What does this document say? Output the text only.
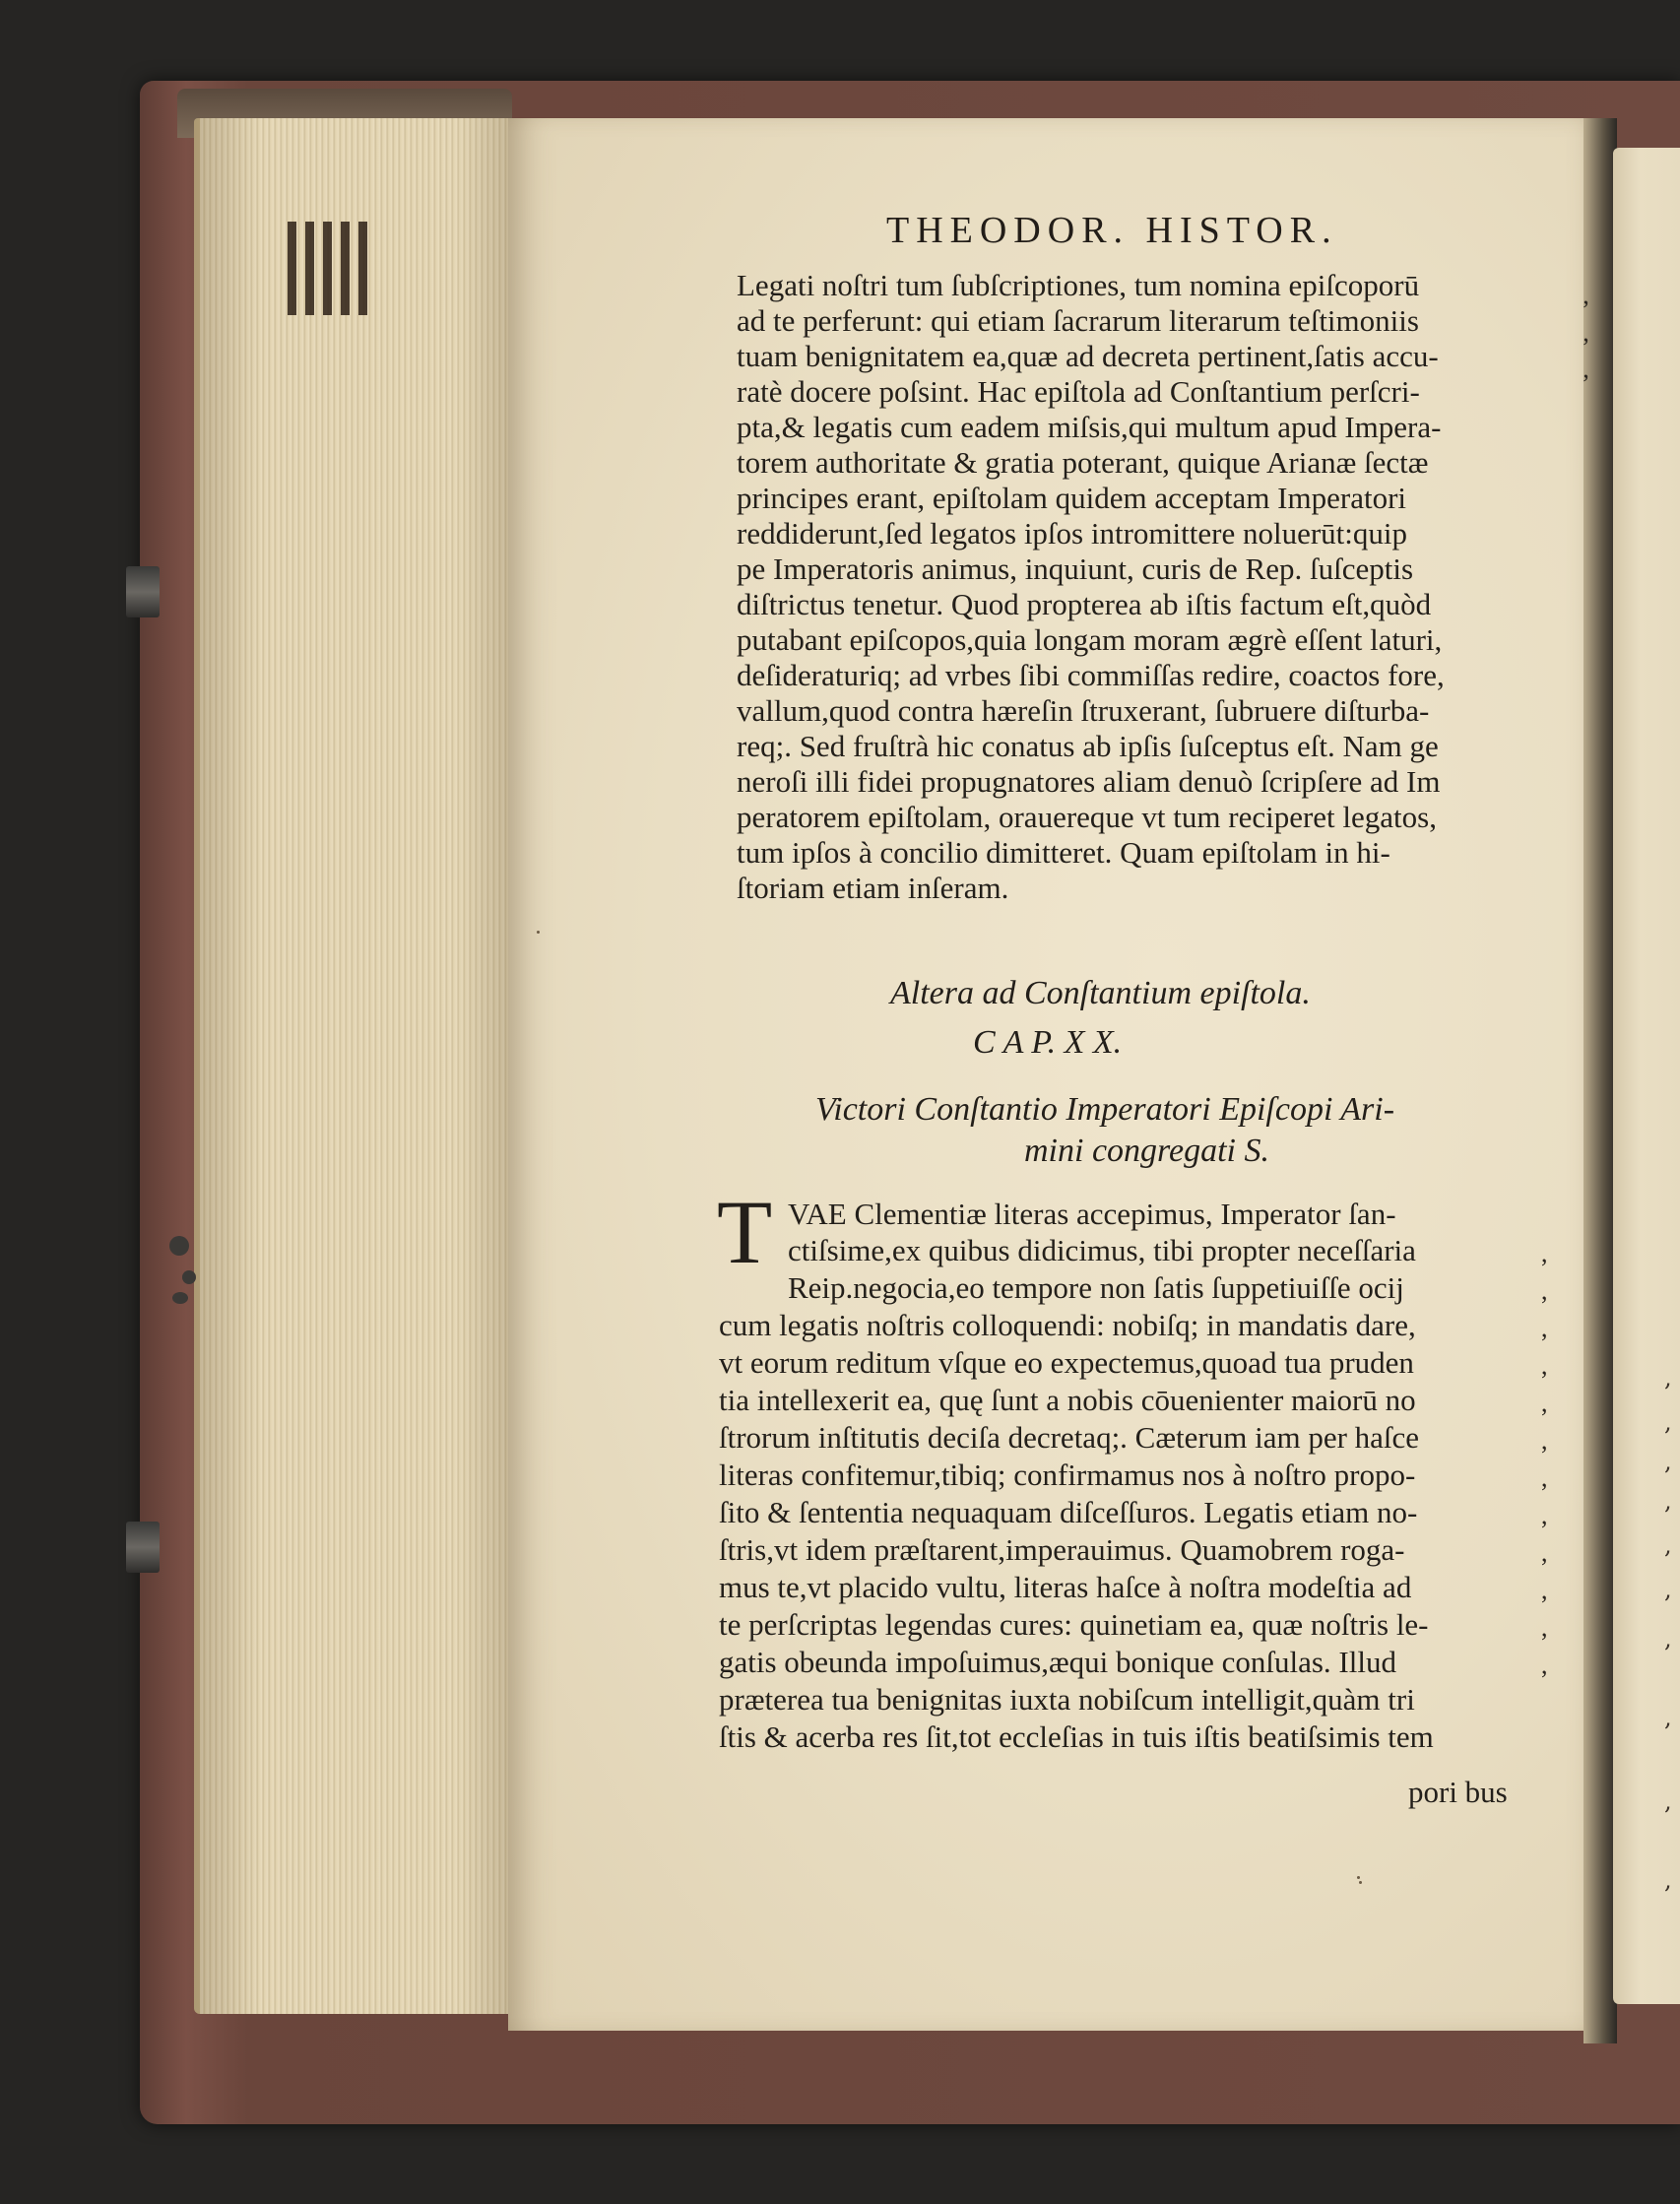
,
,
,
,
,
,
,
,
,
,
THEODOR. HISTOR.
Legati noſtri tum ſubſcriptiones, tum nomina epiſcoporū
ad te perferunt: qui etiam ſacrarum literarum teſtimoniis
tuam benignitatem ea,quæ ad decreta pertinent,ſatis accu-
ratè docere poſsint. Hac epiſtola ad Conſtantium perſcri-
pta,& legatis cum eadem miſsis,qui multum apud Impera-
torem authoritate & gratia poterant, quique Arianæ ſectæ
principes erant, epiſtolam quidem acceptam Imperatori
reddiderunt,ſed legatos ipſos intromittere noluerūt:quip
pe Imperatoris animus, inquiunt, curis de Rep. ſuſceptis
diſtrictus tenetur. Quod propterea ab iſtis factum eſt,quòd
putabant epiſcopos,quia longam moram ægrè eſſent laturi,
deſideraturiq; ad vrbes ſibi commiſſas redire, coactos fore,
vallum,quod contra hæreſin ſtruxerant, ſubruere diſturba-
req;. Sed fruſtrà hic conatus ab ipſis ſuſceptus eſt. Nam ge
neroſi illi fidei propugnatores aliam denuò ſcripſere ad Im
peratorem epiſtolam, orauereque vt tum reciperet legatos,
tum ipſos à concilio dimitteret. Quam epiſtolam in hi-
ſtoriam etiam inſeram.
’
’
’
Altera ad Conſtantium epiſtola.
C A P. X X.
Victori Conſtantio Imperatori Epiſcopi Ari-
mini congregati S.
T VAE Clementiæ literas accepimus, Imperator ſan-
ctiſsime,ex quibus didicimus, tibi propter neceſſaria
Reip.negocia,eo tempore non ſatis ſuppetiuiſſe ocij
cum legatis noſtris colloquendi: nobiſq; in mandatis dare,
vt eorum reditum vſque eo expectemus,quoad tua pruden
tia intellexerit ea, quę ſunt a nobis cōuenienter maiorū no
ſtrorum inſtitutis deciſa decretaq;. Cæterum iam per haſce
literas confitemur,tibiq; confirmamus nos à noſtro propo-
ſito & ſententia nequaquam diſceſſuros. Legatis etiam no-
ſtris,vt idem præſtarent,imperauimus. Quamobrem roga-
mus te,vt placido vultu, literas haſce à noſtra modeſtia ad
te perſcriptas legendas cures: quinetiam ea, quæ noſtris le-
gatis obeunda impoſuimus,æqui bonique conſulas. Illud
præterea tua benignitas iuxta nobiſcum intelligit,quàm tri
ſtis & acerba res ſit,tot eccleſias in tuis iſtis beatiſsimis tem
,
,
,
,
,
,
,
,
,
,
,
,
pori bus
